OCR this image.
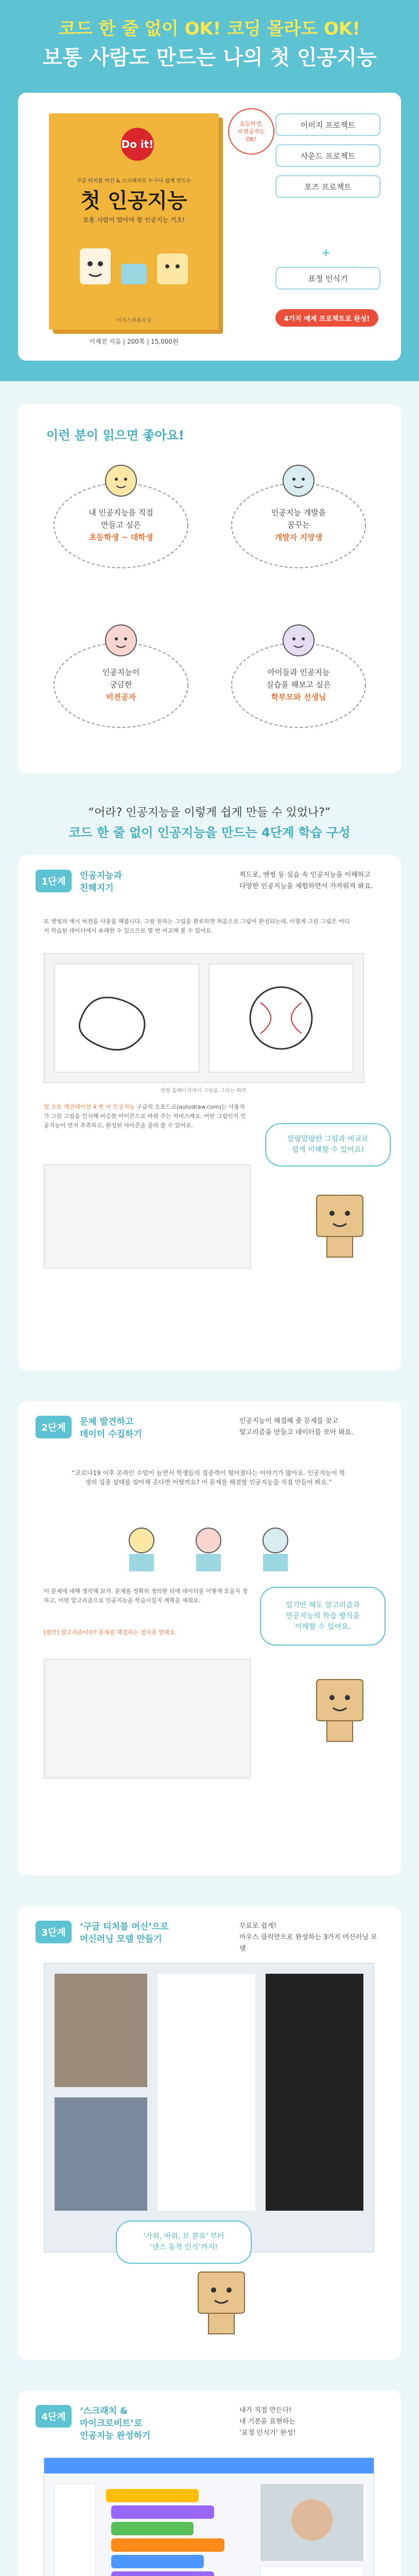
코드 한 줄 없이 OK! 코딩 몰라도 OK!
보통 사람도 만드는 나의 첫 인공지능
Do it!
구글 티처블 머신 & 스크래치로 누구나 쉽게 만드는
첫 인공지능
보통 사람이 알아야 할 인공지능 기초!
이지스퍼블리싱
이재진 지음 | 200쪽 | 15,000원
초등학생,
비전공자도
OK!
이미지 프로젝트
사운드 프로젝트
포즈 프로젝트
+
표정 인식기
4가지 예제 프로젝트로 완성!
이런 분이 읽으면 좋아요!
내 인공지능을 직접
만들고 싶은
초등학생 ~ 대학생
인공지능 개발을
꿈꾸는
개발자 지망생
인공지능이
궁금한
비전공자
아이들과 인공지능
실습을 해보고 싶은
학부모와 선생님
“어라? 인공지능을 이렇게 쉽게 만들 수 있었나?”
코드 한 줄 없이 인공지능을 만드는 4단계 학습 구성
1단계
인공지능과
친해지기
퀵드로, 엔씽 등 실습 속 인공지능을 이해하고
다양한 인공지능을 체험하면서 가까워져 봐요.
또 엔씽의 예시 버전을 사용을 해봅니다. 그랑 원하는 그림을 완료하면 처음으로 그림이 완성되는데, 이렇게 그린 그림은 어디서 학습된 데이터에서 유래한 수 있으므로 몇 번 비교해 볼 수 있어요.
엔씽 홈페이지에서 그림을 그리는 화면
및 오토 캐산레이션 4 번 이 인공지능 구글의 오토드로(autodraw.com)는 사용자가 그린 그림을 인식해 비슷한 아이콘으로 바꿔 주는 서비스예요. 어떤 그림인지 인공지능이 먼저 추측하고, 완성된 아이콘을 골라 쓸 수 있어요.
말랑말랑한 그림과 비교로
쉽게 이해할 수 있어요!
2단계
문제 발견하고
데이터 수집하기
인공지능이 해결해 줄 문제를 찾고
알고리즘을 만들고 데이터를 모아 봐요.
“코로나19 이후 온라인 수업이 늘면서 학생들의 집중력이 떨어졌다는 이야기가 많아요. 인공지능이 학생의 집중 상태를 알아채 준다면 어떨까요? 이 문제를 해결할 인공지능을 직접 만들어 봐요.”
이 문제에 대해 생각해 보자. 문제를 정확히 정의한 뒤에 데이터를 어떻게 모을지 정하고, 어떤 알고리즘으로 인공지능을 학습시킬지 계획을 세워요.
[잠깐] 알고리즘이란? 문제를 해결하는 절차를 말해요.
일기만 해도 알고리즘과
인공지능의 학습 방식을
이해할 수 있어요.
3단계
‘구글 티처블 머신’으로
머신러닝 모델 만들기
무료로 쉽게!
마우스 클릭만으로 완성하는 3가지 머신러닝 모델
‘가위, 바위, 보 분류’ 부터
‘댄스 동작 인식’까지!
4단계
‘스크래치 &
마이크로비트’로
인공지능 완성하기
내가 직접 만든다!
내 기분을 표현하는
‘표정 인식기’ 완성!
